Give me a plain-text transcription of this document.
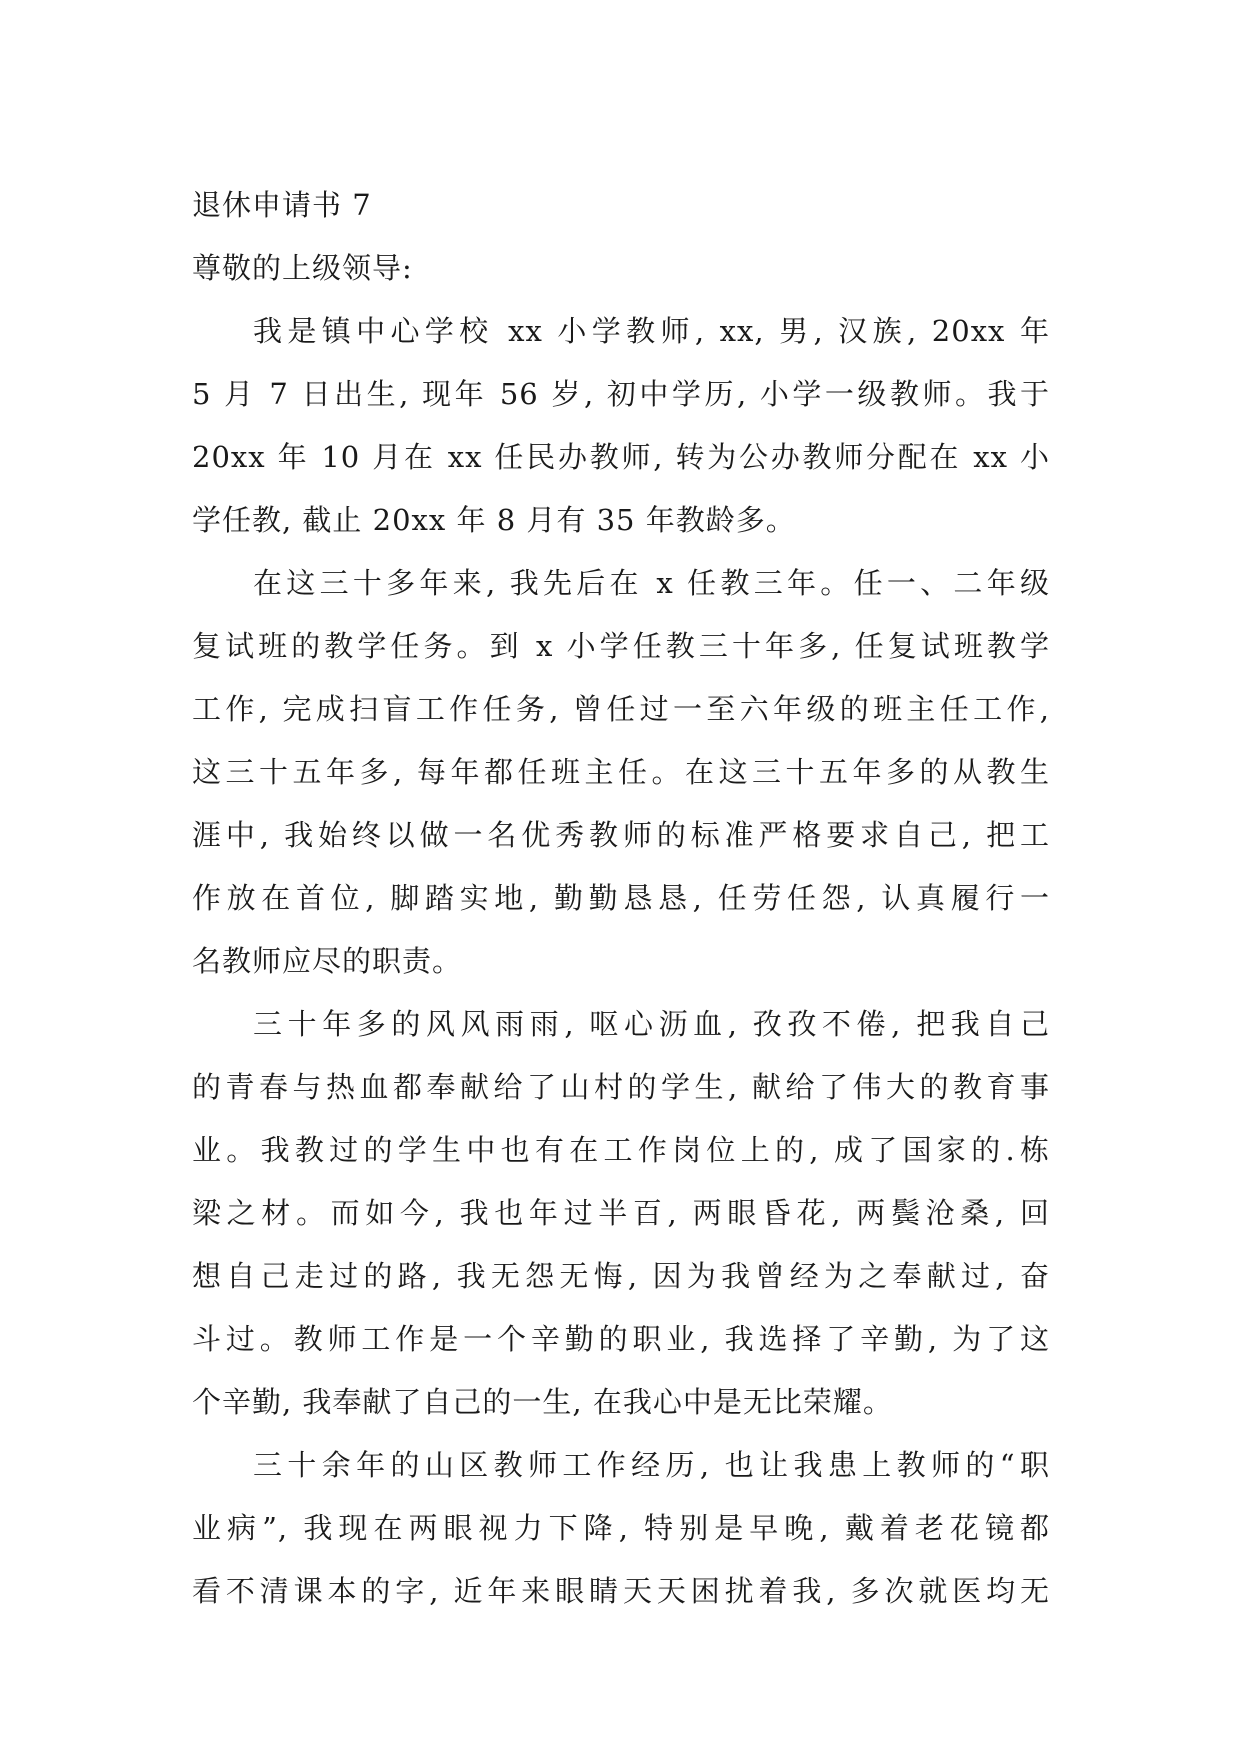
退休申请书 7
尊敬的上级领导:
我是镇中心学校 xx 小学教师, xx, 男, 汉族, 20xx 年
5 月 7 日出生, 现年 56 岁, 初中学历, 小学一级教师。我于
20xx 年 10 月在 xx 任民办教师, 转为公办教师分配在 xx 小
学任教, 截止 20xx 年 8 月有 35 年教龄多。
在这三十多年来, 我先后在 x 任教三年。任一、二年级
复试班的教学任务。到 x 小学任教三十年多, 任复试班教学
工作, 完成扫盲工作任务, 曾任过一至六年级的班主任工作,
这三十五年多, 每年都任班主任。在这三十五年多的从教生
涯中, 我始终以做一名优秀教师的标准严格要求自己, 把工
作放在首位, 脚踏实地, 勤勤恳恳, 任劳任怨, 认真履行一
名教师应尽的职责。
三十年多的风风雨雨, 呕心沥血, 孜孜不倦, 把我自己
的青春与热血都奉献给了山村的学生, 献给了伟大的教育事
业。我教过的学生中也有在工作岗位上的, 成了国家的.栋
梁之材。而如今, 我也年过半百, 两眼昏花, 两鬓沧桑, 回
想自己走过的路, 我无怨无悔, 因为我曾经为之奉献过, 奋
斗过。教师工作是一个辛勤的职业, 我选择了辛勤, 为了这
个辛勤, 我奉献了自己的一生, 在我心中是无比荣耀。
三十余年的山区教师工作经历, 也让我患上教师的“职
业病”, 我现在两眼视力下降, 特别是早晚, 戴着老花镜都
看不清课本的字, 近年来眼睛天天困扰着我, 多次就医均无
